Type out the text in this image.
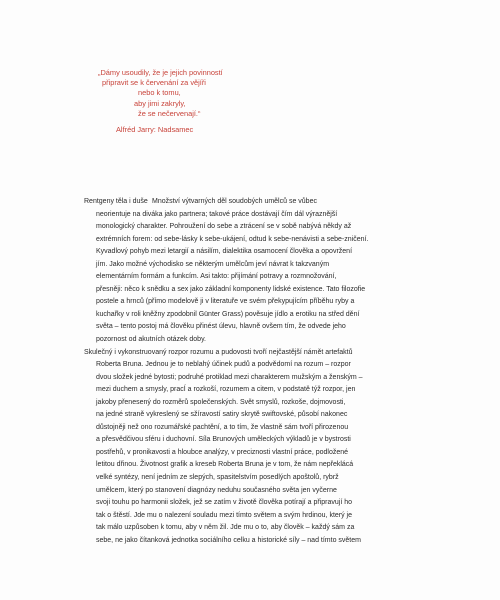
„Dámy usoudily, že je jejich povinností
připravit se k červenání za vějíři
nebo k tomu,
aby jimi zakryly,
že se nečervenají.“
Alfréd Jarry: Nadsamec
Rentgeny těla i duše Množství výtvarných děl soudobých umělců se vůbec
neorientuje na diváka jako partnera; takové práce dostávají čím dál výraznější
monologický charakter. Pohroužení do sebe a ztrácení se v sobě nabývá někdy až
extrémních forem: od sebe-lásky k sebe-ukájení, odtud k sebe-nenávisti a sebe-zničení.
Kyvadlový pohyb mezi letargií a násilím, dialektika osamocení člověka a opovržení
jím. Jako možné východisko se některým umělcům jeví návrat k takzvaným
elementárním formám a funkcím. Asi takto: přijímání potravy a rozmnožování,
přesněji: něco k snědku a sex jako základní komponenty lidské existence. Tato filozofie
postele a hrnců (přímo modelově ji v literatuře ve svém překypujícím příběhu ryby a
kuchařky v roli kněžny zpodobnil Günter Grass) pověsuje jídlo a erotiku na střed dění
světa – tento postoj má člověku přinést úlevu, hlavně ovšem tím, že odvede jeho
pozornost od akutních otázek doby.
Skulečný i vykonstruovaný rozpor rozumu a pudovosti tvoří nejčastější námět artefaktů
Roberta Bruna. Jednou je to neblahý účinek pudů a podvědomí na rozum – rozpor
dvou složek jedné bytosti; podruhé protiklad mezi charakterem mužským a ženským –
mezi duchem a smysly, pracÍ a rozkoší, rozumem a citem, v podstatě týž rozpor, jen
jakoby přenesený do rozměrů společenských. Svět smyslů, rozkoše, dojmovosti,
na jedné straně vykreslený se sžíravostí satiry skrytě swiftovské, působí nakonec
důstojněji než ono rozumářské pachtění, a to tím, že vlastně sám tvoří přirozenou
a přesvědčivou sféru i duchovní. Síla Brunových uměleckých výkladů je v bystrosti
postřehů, v pronikavosti a hloubce analýzy, v preciznosti vlastní práce, podložené
letitou dřinou. Životnost grafik a kreseb Roberta Bruna je v tom, že nám nepřeklácá
velké syntézy, není jedním ze slepých, spasitelstvím posedlých apoštolů, rybrž
umělcem, který po stanovení diagnózy neduhu současného světa jen vyčerne
svoji touhu po harmonii složek, jež se zatím v životě člověka potírají a připravují ho
tak o štěstí. Jde mu o nalezení souladu mezi tímto světem a svým hrdinou, který je
tak málo uzpůsoben k tomu, aby v něm žil. Jde mu o to, aby člověk – každý sám za
sebe, ne jako čítanková jednotka sociálního celku a historické síly – nad tímto světem
